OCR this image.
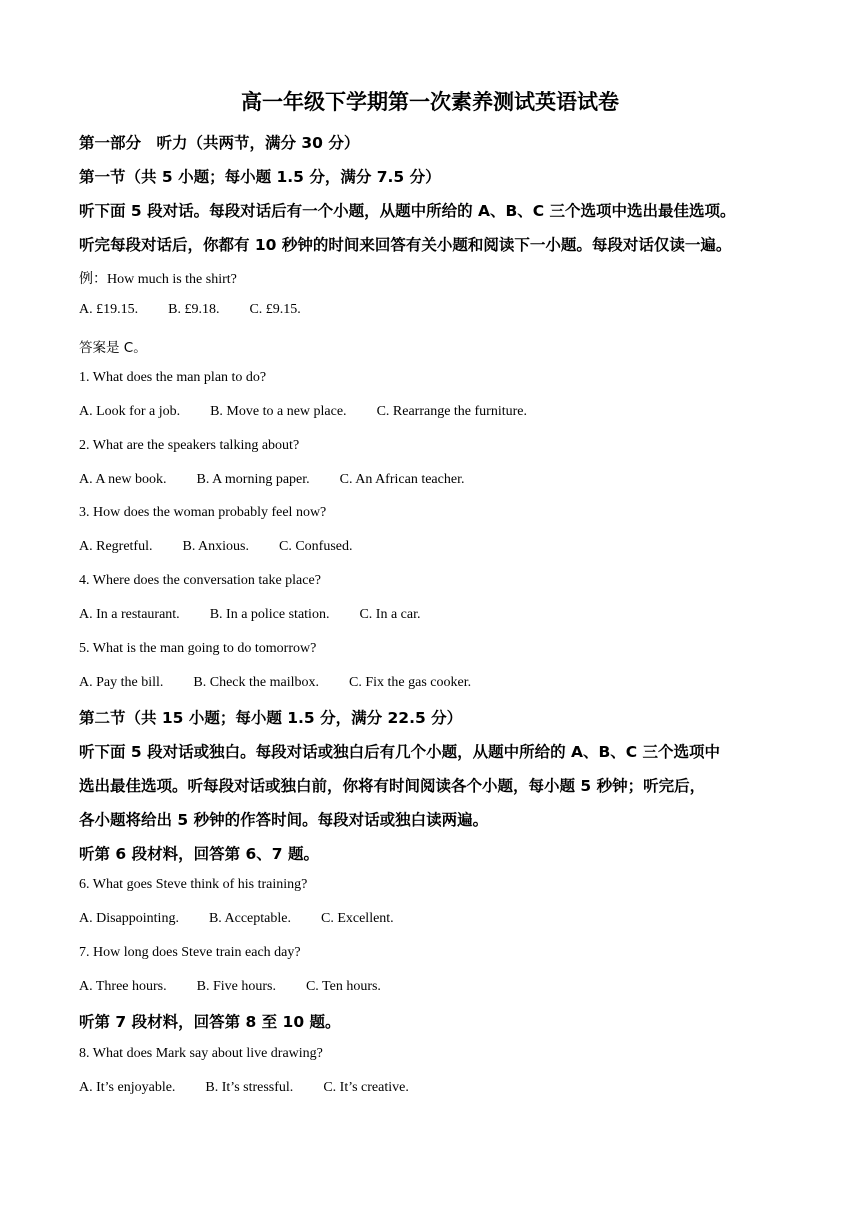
高一年级下学期第一次素养测试英语试卷
第一部分　听力（共两节，满分 30 分）
第一节（共 5 小题；每小题 1.5 分，满分 7.5 分）
听下面 5 段对话。每段对话后有一个小题，从题中所给的 A、B、C 三个选项中选出最佳选项。
听完每段对话后，你都有 10 秒钟的时间来回答有关小题和阅读下一小题。每段对话仅读一遍。
例：How much is the shirt?
A. £19.15. B. £9.18. C. £9.15.
答案是 C。
1. What does the man plan to do?
A. Look for a job. B. Move to a new place. C. Rearrange the furniture.
2. What are the speakers talking about?
A. A new book. B. A morning paper. C. An African teacher.
3. How does the woman probably feel now?
A. Regretful. B. Anxious. C. Confused.
4. Where does the conversation take place?
A. In a restaurant. B. In a police station. C. In a car.
5. What is the man going to do tomorrow?
A. Pay the bill. B. Check the mailbox. C. Fix the gas cooker.
第二节（共 15 小题；每小题 1.5 分，满分 22.5 分）
听下面 5 段对话或独白。每段对话或独白后有几个小题，从题中所给的 A、B、C 三个选项中
选出最佳选项。听每段对话或独白前，你将有时间阅读各个小题，每小题 5 秒钟；听完后，
各小题将给出 5 秒钟的作答时间。每段对话或独白读两遍。
听第 6 段材料，回答第 6、7 题。
6. What goes Steve think of his training?
A. Disappointing. B. Acceptable. C. Excellent.
7. How long does Steve train each day?
A. Three hours. B. Five hours. C. Ten hours.
听第 7 段材料，回答第 8 至 10 题。
8. What does Mark say about live drawing?
A. It’s enjoyable. B. It’s stressful. C. It’s creative.
